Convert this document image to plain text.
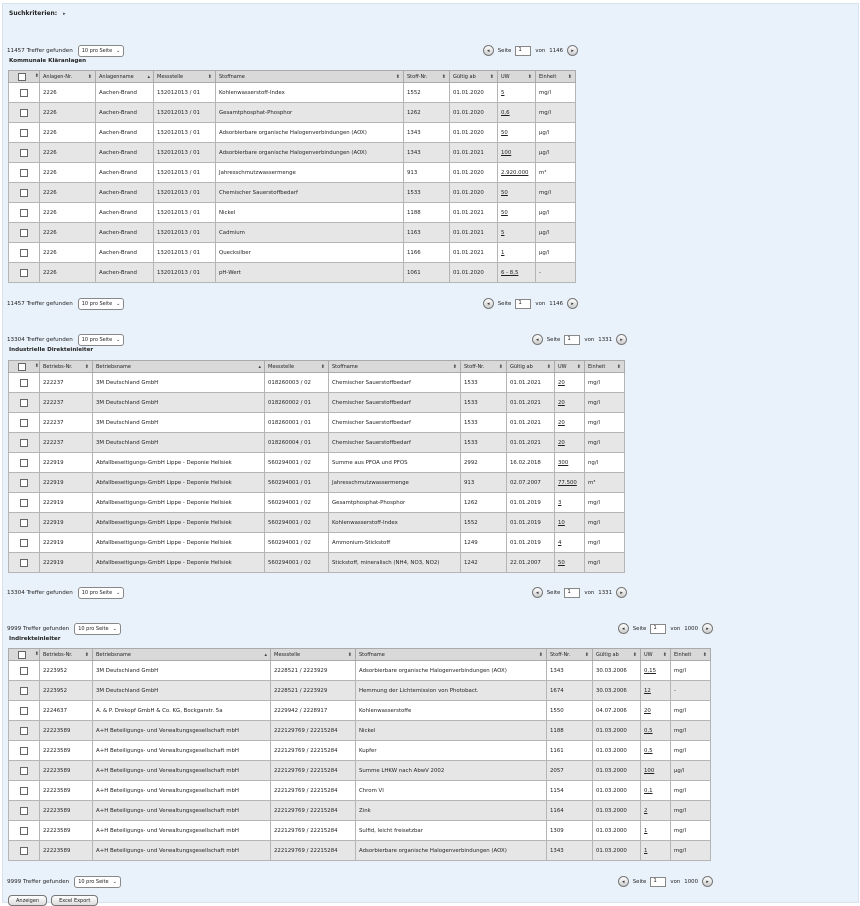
Suchkriterien: ▸
11457 Treffer gefunden 10 pro Seite ⌄	◂	Seite	1	von 1146	▸
Kommunale Kläranlagen
⬍	Anlagen-Nr. ⬍	Anlagenname ▴	Messstelle ⬍	Stoffname ⬍	Stoff-Nr. ⬍	Gültig ab ⬍	UW ⬍	Einheit ⬍

	2226	Aachen-Brand	132012013 / 01	Kohlenwasserstoff-Index	1552	01.01.2020	5	mg/l
	2226	Aachen-Brand	132012013 / 01	Gesamtphosphat-Phosphor	1262	01.01.2020	0,6	mg/l
	2226	Aachen-Brand	132012013 / 01	Adsorbierbare organische Halogenverbindungen (AOX)	1343	01.01.2020	50	µg/l
	2226	Aachen-Brand	132012013 / 01	Adsorbierbare organische Halogenverbindungen (AOX)	1343	01.01.2021	100	µg/l
	2226	Aachen-Brand	132012013 / 01	Jahresschmutzwassermenge	913	01.01.2020	2.920.000	m³
	2226	Aachen-Brand	132012013 / 01	Chemischer Sauerstoffbedarf	1533	01.01.2020	50	mg/l
	2226	Aachen-Brand	132012013 / 01	Nickel	1188	01.01.2021	50	µg/l
	2226	Aachen-Brand	132012013 / 01	Cadmium	1163	01.01.2021	5	µg/l
	2226	Aachen-Brand	132012013 / 01	Quecksilber	1166	01.01.2021	1	µg/l
	2226	Aachen-Brand	132012013 / 01	pH-Wert	1061	01.01.2020	6 - 8,5	-
11457 Treffer gefunden 10 pro Seite ⌄	◂	Seite	1	von 1146	▸
13304 Treffer gefunden 10 pro Seite ⌄	◂	Seite	1	von 1331	▸
Industrielle Direkteinleiter
⬍	Betriebs-Nr. ⬍	Betriebsname ▴	Messstelle ⬍	Stoffname ⬍	Stoff-Nr. ⬍	Gültig ab ⬍	UW ⬍	Einheit ⬍

	222237	3M Deutschland GmbH	018260003 / 02	Chemischer Sauerstoffbedarf	1533	01.01.2021	20	mg/l
	222237	3M Deutschland GmbH	018260002 / 01	Chemischer Sauerstoffbedarf	1533	01.01.2021	20	mg/l
	222237	3M Deutschland GmbH	018260001 / 01	Chemischer Sauerstoffbedarf	1533	01.01.2021	20	mg/l
	222237	3M Deutschland GmbH	018260004 / 01	Chemischer Sauerstoffbedarf	1533	01.01.2021	20	mg/l
	222919	Abfallbeseitigungs-GmbH Lippe - Deponie Hellsiek	560294001 / 02	Summe aus PFOA und PFOS	2992	16.02.2018	300	ng/l
	222919	Abfallbeseitigungs-GmbH Lippe - Deponie Hellsiek	560294001 / 01	Jahresschmutzwassermenge	913	02.07.2007	77.500	m³
	222919	Abfallbeseitigungs-GmbH Lippe - Deponie Hellsiek	560294001 / 02	Gesamtphosphat-Phosphor	1262	01.01.2019	3	mg/l
	222919	Abfallbeseitigungs-GmbH Lippe - Deponie Hellsiek	560294001 / 02	Kohlenwasserstoff-Index	1552	01.01.2019	10	mg/l
	222919	Abfallbeseitigungs-GmbH Lippe - Deponie Hellsiek	560294001 / 02	Ammonium-Stickstoff	1249	01.01.2019	4	mg/l
	222919	Abfallbeseitigungs-GmbH Lippe - Deponie Hellsiek	560294001 / 02	Stickstoff, mineralisch (NH4, NO3, NO2)	1242	22.01.2007	50	mg/l
13304 Treffer gefunden 10 pro Seite ⌄	◂	Seite	1	von 1331	▸
9999 Treffer gefunden 10 pro Seite ⌄	◂	Seite	1	von 1000	▸
Indirekteinleiter
⬍	Betriebs-Nr. ⬍	Betriebsname ▴	Messstelle ⬍	Stoffname ⬍	Stoff-Nr. ⬍	Gültig ab ⬍	UW ⬍	Einheit ⬍

	2223952	3M Deutschland GmbH	2228521 / 2223929	Adsorbierbare organische Halogenverbindungen (AOX)	1343	30.03.2006	0,15	mg/l
	2223952	3M Deutschland GmbH	2228521 / 2223929	Hemmung der Lichtemission von Photobact.	1674	30.03.2006	12	-
	2224637	A. & P. Drekopf GmbH & Co. KG, Bockgarstr. 5a	2229942 / 2228917	Kohlenwasserstoffe	1550	04.07.2006	20	mg/l
	22223589	A+H Beteiligungs- und Verwaltungsgesellschaft mbH	222129769 / 22215284	Nickel	1188	01.03.2000	0,5	mg/l
	22223589	A+H Beteiligungs- und Verwaltungsgesellschaft mbH	222129769 / 22215284	Kupfer	1161	01.03.2000	0,5	mg/l
	22223589	A+H Beteiligungs- und Verwaltungsgesellschaft mbH	222129769 / 22215284	Summe LHKW nach AbwV 2002	2057	01.03.2000	100	µg/l
	22223589	A+H Beteiligungs- und Verwaltungsgesellschaft mbH	222129769 / 22215284	Chrom VI	1154	01.03.2000	0,1	mg/l
	22223589	A+H Beteiligungs- und Verwaltungsgesellschaft mbH	222129769 / 22215284	Zink	1164	01.03.2000	2	mg/l
	22223589	A+H Beteiligungs- und Verwaltungsgesellschaft mbH	222129769 / 22215284	Sulfid, leicht freisetzbar	1309	01.03.2000	1	mg/l
	22223589	A+H Beteiligungs- und Verwaltungsgesellschaft mbH	222129769 / 22215284	Adsorbierbare organische Halogenverbindungen (AOX)	1343	01.03.2000	1	mg/l
9999 Treffer gefunden 10 pro Seite ⌄	◂	Seite	1	von 1000	▸
Anzeigen	Excel Export
